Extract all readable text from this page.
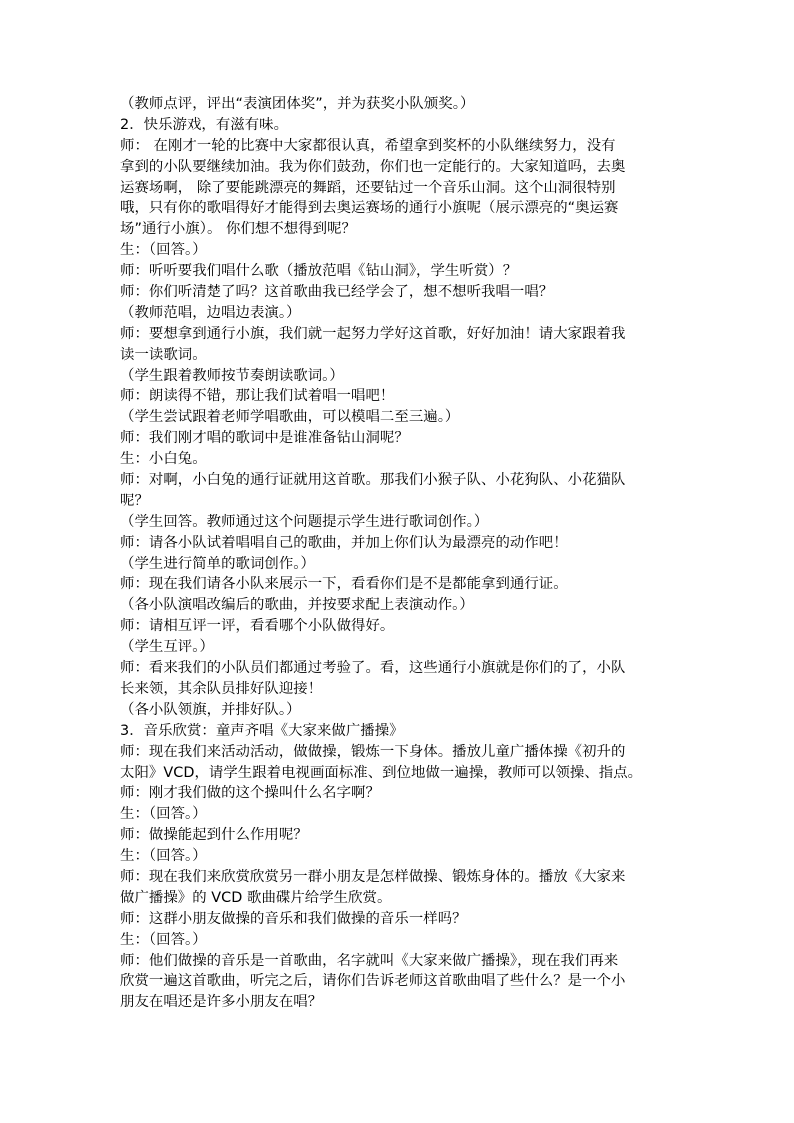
（教师点评，评出“表演团体奖”，并为获奖小队颁奖。）
2．快乐游戏，有滋有味。
师： 在刚才一轮的比赛中大家都很认真，希望拿到奖杯的小队继续努力，没有
拿到的小队要继续加油。我为你们鼓劲，你们也一定能行的。大家知道吗，去奥
运赛场啊， 除了要能跳漂亮的舞蹈，还要钻过一个音乐山洞。这个山洞很特别
哦，只有你的歌唱得好才能得到去奥运赛场的通行小旗呢（展示漂亮的“奥运赛
场”通行小旗）。 你们想不想得到呢？
生：（回答。）
师：听听要我们唱什么歌（播放范唱《钻山洞》，学生听赏）？
师：你们听清楚了吗？这首歌曲我已经学会了，想不想听我唱一唱？
（教师范唱，边唱边表演。）
师：要想拿到通行小旗，我们就一起努力学好这首歌，好好加油！请大家跟着我
读一读歌词。
（学生跟着教师按节奏朗读歌词。）
师：朗读得不错，那让我们试着唱一唱吧！
（学生尝试跟着老师学唱歌曲，可以模唱二至三遍。）
师：我们刚才唱的歌词中是谁准备钻山洞呢？
生：小白兔。
师：对啊，小白兔的通行证就用这首歌。那我们小猴子队、小花狗队、小花猫队
呢？
（学生回答。教师通过这个问题提示学生进行歌词创作。）
师：请各小队试着唱唱自己的歌曲，并加上你们认为最漂亮的动作吧！
（学生进行简单的歌词创作。）
师：现在我们请各小队来展示一下，看看你们是不是都能拿到通行证。
（各小队演唱改编后的歌曲，并按要求配上表演动作。）
师：请相互评一评，看看哪个小队做得好。
（学生互评。）
师：看来我们的小队员们都通过考验了。看，这些通行小旗就是你们的了，小队
长来领，其余队员排好队迎接！
（各小队领旗，并排好队。）
3．音乐欣赏：童声齐唱《大家来做广播操》
师：现在我们来活动活动，做做操，锻炼一下身体。播放儿童广播体操《初升的
太阳》VCD，请学生跟着电视画面标准、到位地做一遍操，教师可以领操、指点。
师：刚才我们做的这个操叫什么名字啊？
生：（回答。）
师：做操能起到什么作用呢？
生：（回答。）
师：现在我们来欣赏欣赏另一群小朋友是怎样做操、锻炼身体的。播放《大家来
做广播操》的 VCD 歌曲碟片给学生欣赏。
师：这群小朋友做操的音乐和我们做操的音乐一样吗？
生：（回答。）
师：他们做操的音乐是一首歌曲，名字就叫《大家来做广播操》，现在我们再来
欣赏一遍这首歌曲，听完之后，请你们告诉老师这首歌曲唱了些什么？是一个小
朋友在唱还是许多小朋友在唱？
